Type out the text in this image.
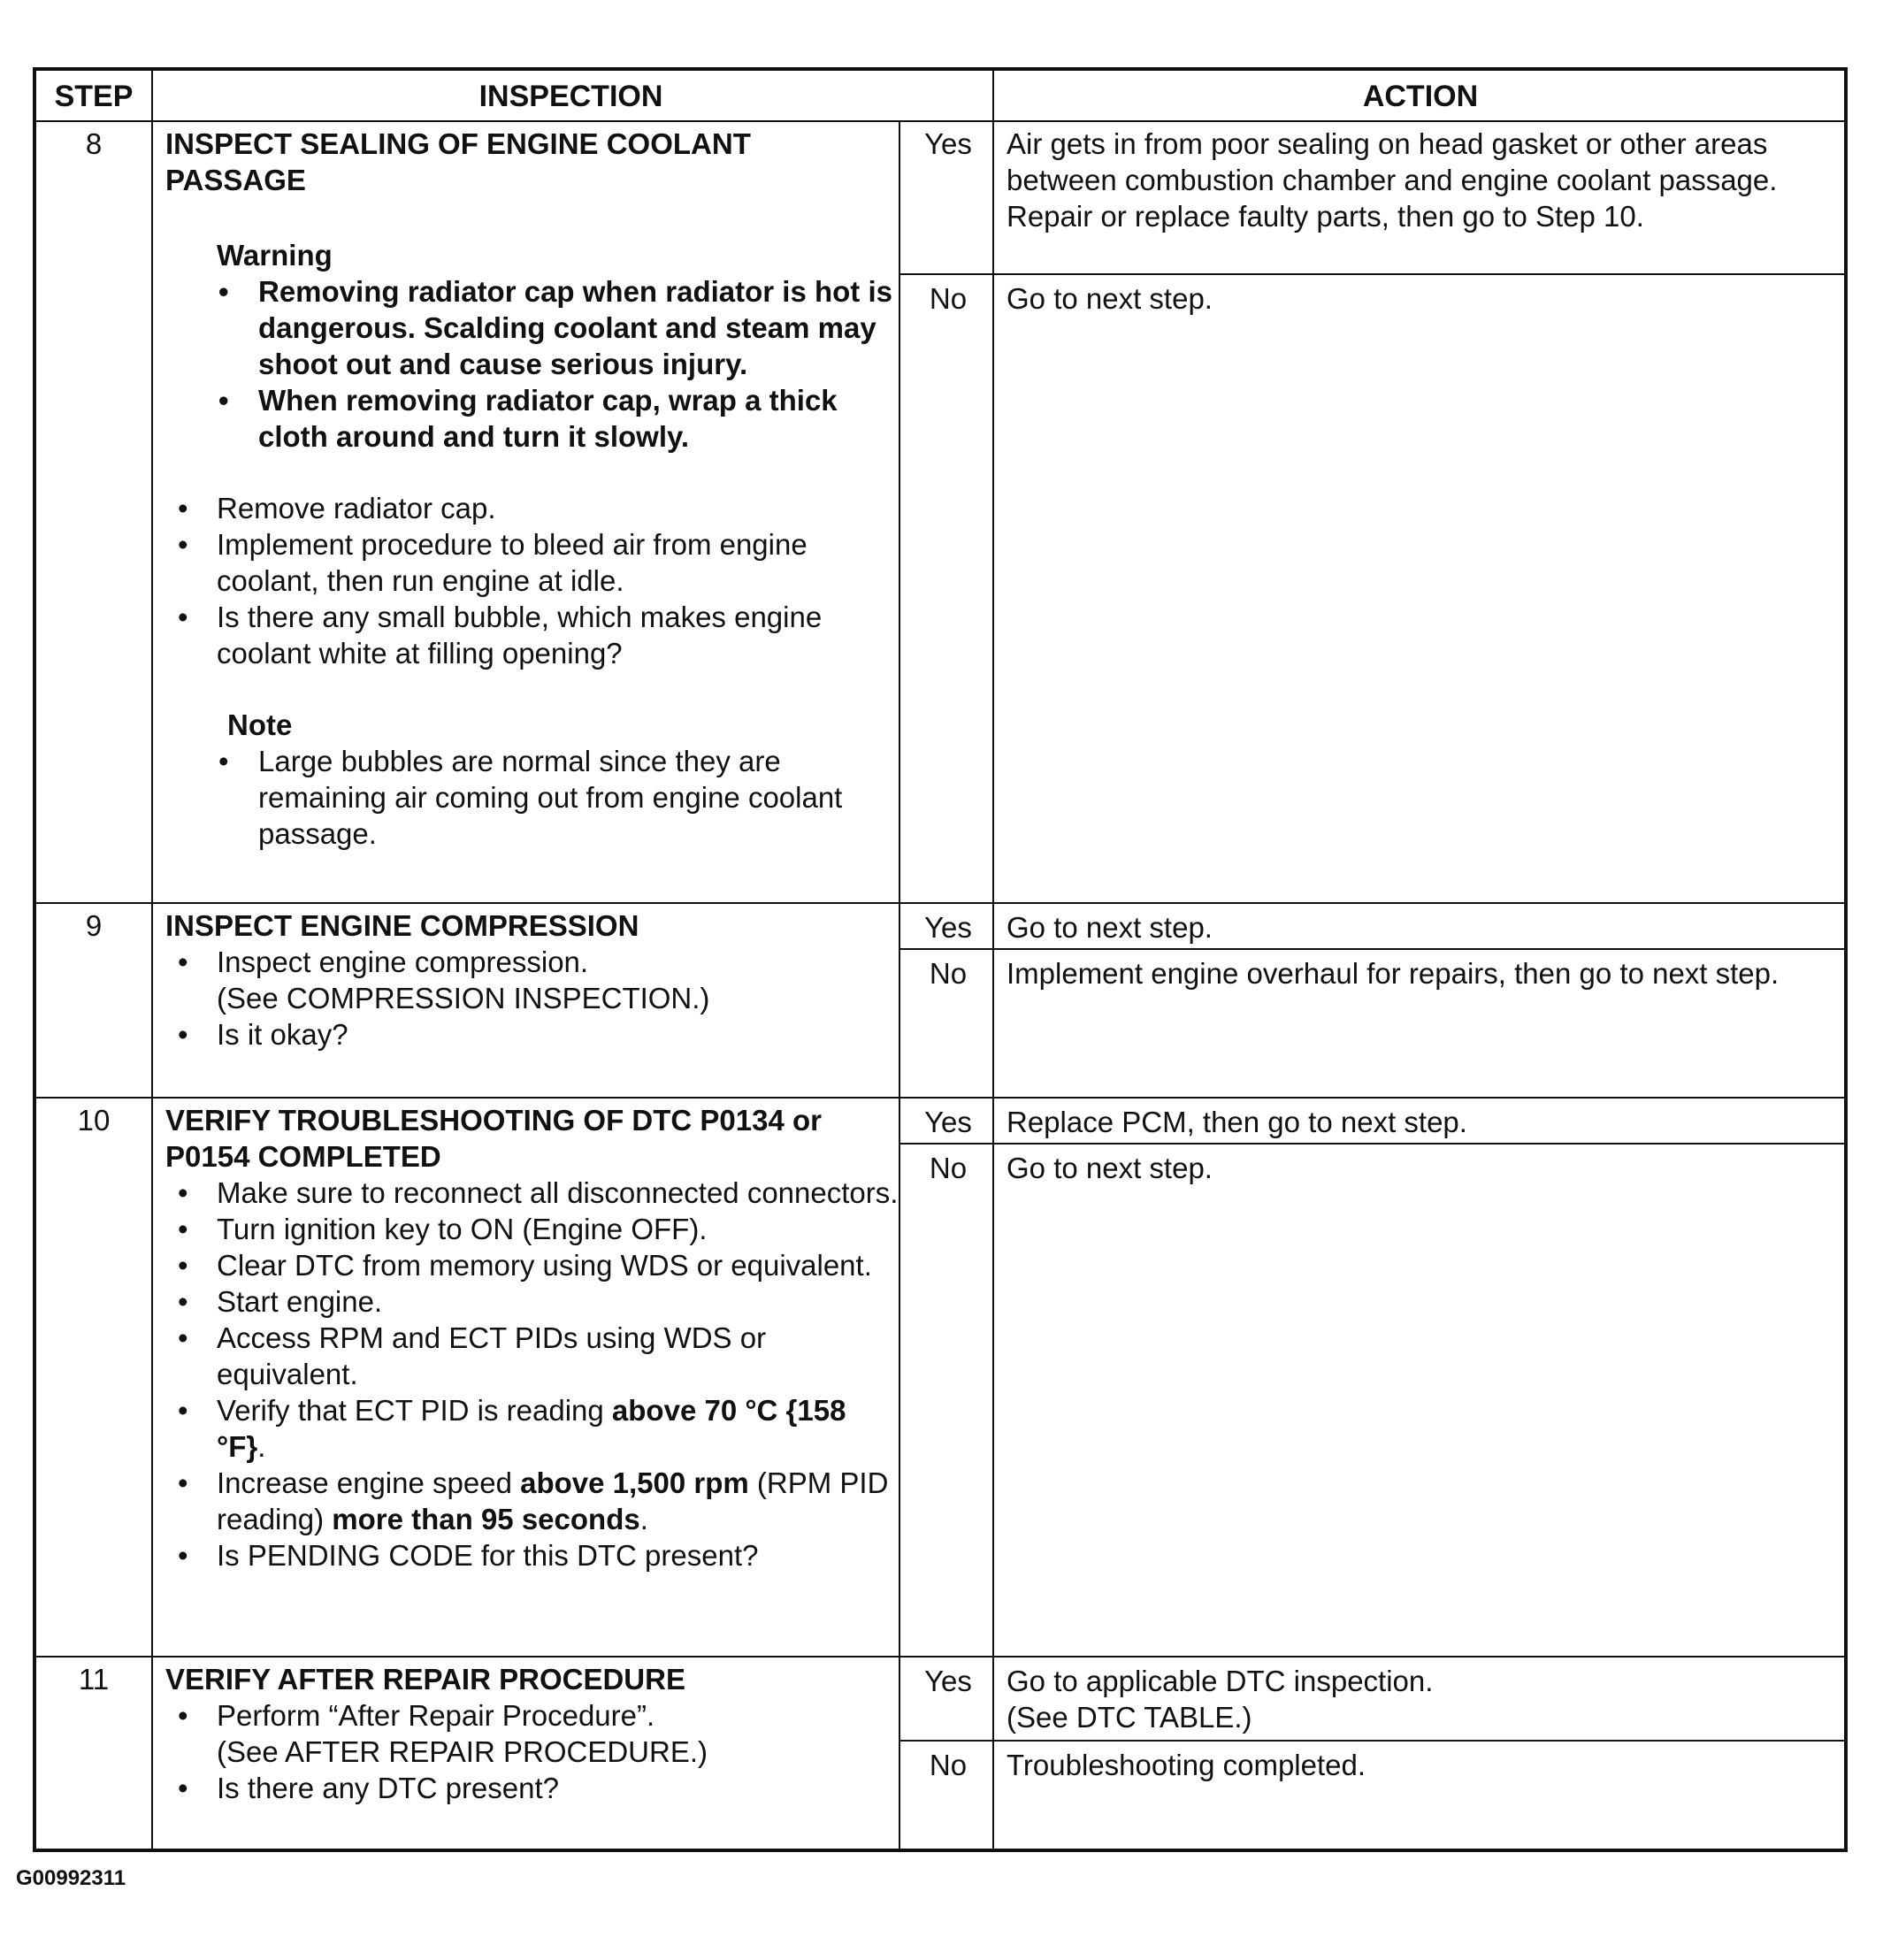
STEP	INSPECTION	ACTION
8	INSPECT SEALING OF ENGINE COOLANT
PASSAGE
Warning
• Removing radiator cap when radiator is hot is dangerous. Scalding coolant and steam may shoot out and cause serious injury.
• When removing radiator cap, wrap a thick cloth around and turn it slowly.
• Remove radiator cap.
• Implement procedure to bleed air from engine coolant, then run engine at idle.
• Is there any small bubble, which makes engine coolant white at filling opening?
Note
• Large bubbles are normal since they are remaining air coming out from engine coolant passage.
Yes	Air gets in from poor sealing on head gasket or other areas between combustion chamber and engine coolant passage.
Repair or replace faulty parts, then go to Step 10.
No	Go to next step.
9	INSPECT ENGINE COMPRESSION
• Inspect engine compression.
(See COMPRESSION INSPECTION.)
• Is it okay?
Yes	Go to next step.
No	Implement engine overhaul for repairs, then go to next step.
10	VERIFY TROUBLESHOOTING OF DTC P0134 or P0154 COMPLETED
• Make sure to reconnect all disconnected connectors.
• Turn ignition key to ON (Engine OFF).
• Clear DTC from memory using WDS or equivalent.
• Start engine.
• Access RPM and ECT PIDs using WDS or equivalent.
• Verify that ECT PID is reading above 70 °C {158 °F}.
• Increase engine speed above 1,500 rpm (RPM PID reading) more than 95 seconds.
• Is PENDING CODE for this DTC present?
Yes	Replace PCM, then go to next step.
No	Go to next step.
11	VERIFY AFTER REPAIR PROCEDURE
• Perform “After Repair Procedure”.
(See AFTER REPAIR PROCEDURE.)
• Is there any DTC present?
Yes	Go to applicable DTC inspection.
(See DTC TABLE.)
No	Troubleshooting completed.
G00992311
